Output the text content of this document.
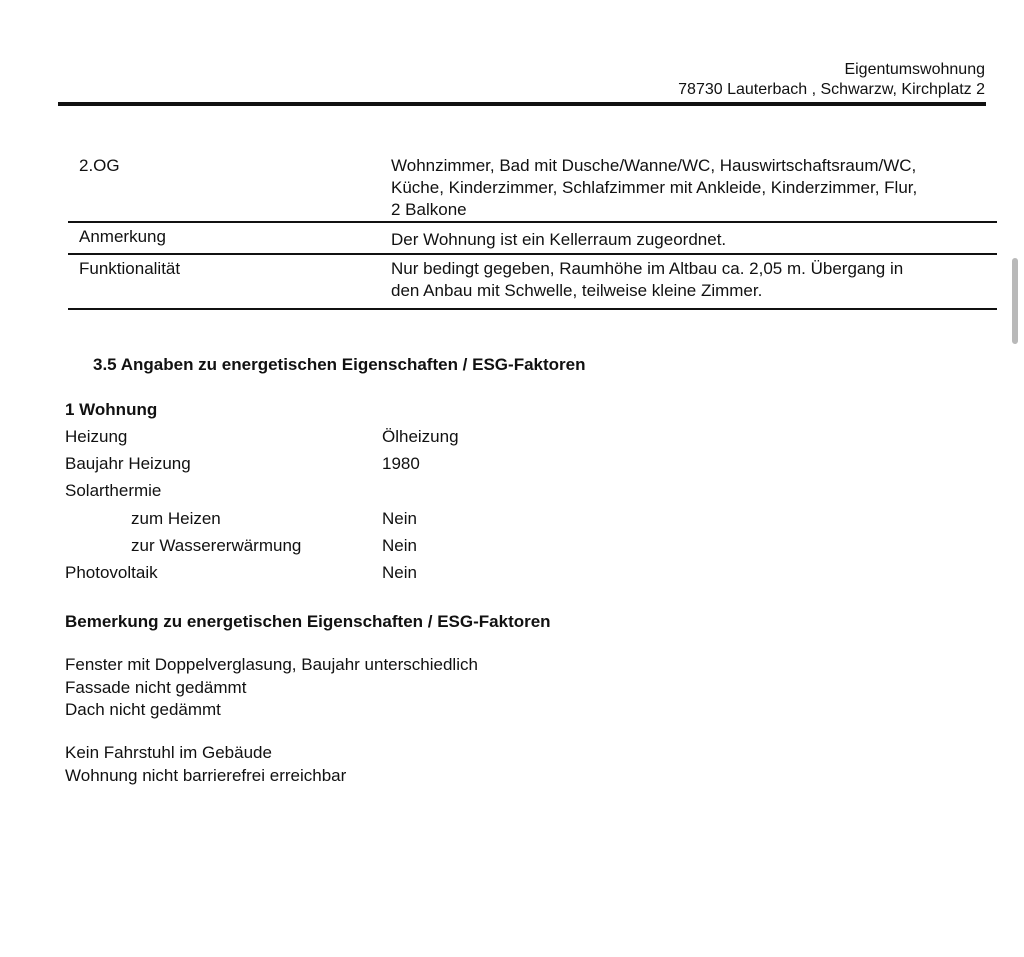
Eigentumswohnung
78730 Lauterbach , Schwarzw, Kirchplatz 2
2.OG	Wohnzimmer, Bad mit Dusche/Wanne/WC, Hauswirtschaftsraum/WC,
Küche, Kinderzimmer, Schlafzimmer mit Ankleide, Kinderzimmer, Flur,
2 Balkone

Anmerkung	Der Wohnung ist ein Kellerraum zugeordnet.

Funktionalität	Nur bedingt gegeben, Raumhöhe im Altbau ca. 2,05 m. Übergang in
den Anbau mit Schwelle, teilweise kleine Zimmer.
3.5 Angaben zu energetischen Eigenschaften / ESG-Faktoren
1 Wohnung
Heizung	Ölheizung
Baujahr Heizung	1980
Solarthermie
zum Heizen	Nein
zur Wassererwärmung	Nein
Photovoltaik	Nein
Bemerkung zu energetischen Eigenschaften / ESG-Faktoren
Fenster mit Doppelverglasung, Baujahr unterschiedlich
Fassade nicht gedämmt
Dach nicht gedämmt
Kein Fahrstuhl im Gebäude
Wohnung nicht barrierefrei erreichbar
